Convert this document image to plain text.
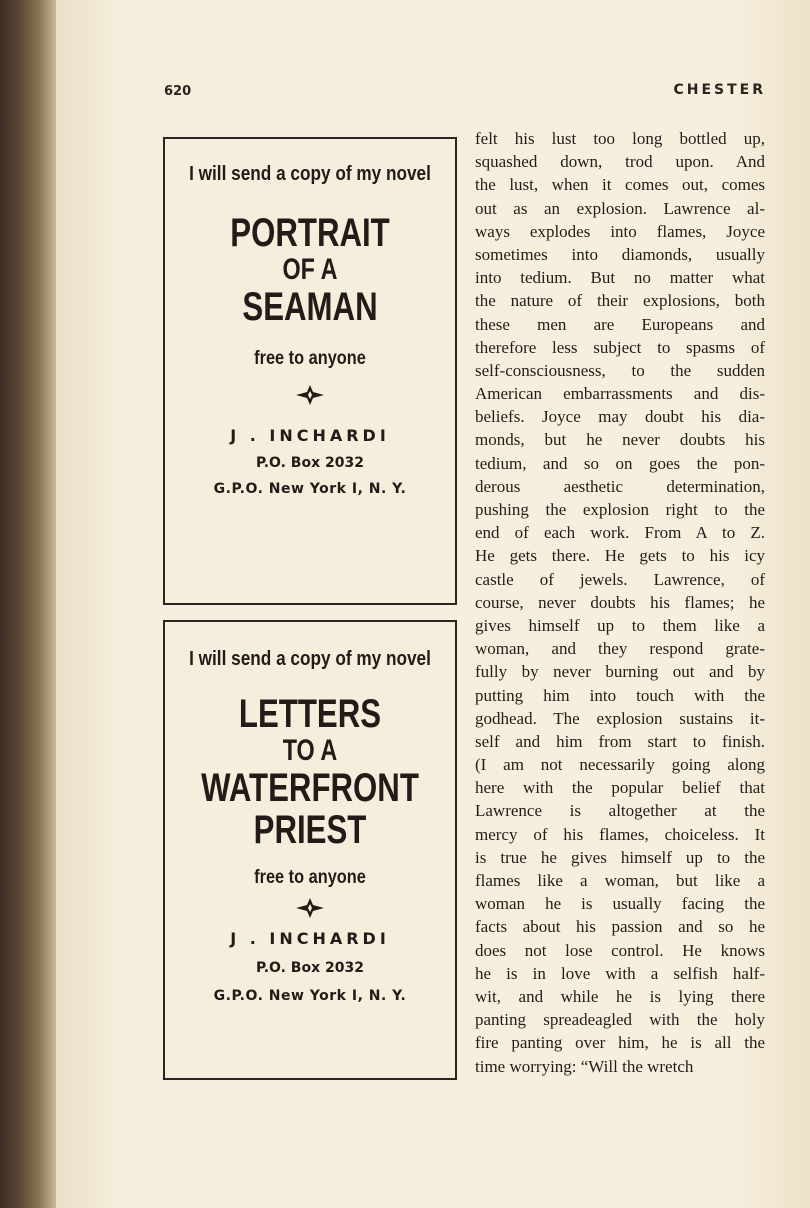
620	CHESTER
I will send a copy of my novel
PORTRAIT
OF A
SEAMAN
free to anyone
J . INCHARDI
P.O. Box 2032
G.P.O. New York I, N. Y.
I will send a copy of my novel
LETTERS
TO A
WATERFRONT
PRIEST
free to anyone
J . INCHARDI
P.O. Box 2032
G.P.O. New York I, N. Y.
felt his lust too long bottled up,
squashed down, trod upon. And
the lust, when it comes out, comes
out as an explosion. Lawrence al-
ways explodes into flames, Joyce
sometimes into diamonds, usually
into tedium. But no matter what
the nature of their explosions, both
these men are Europeans and
therefore less subject to spasms of
self-consciousness, to the sudden
American embarrassments and dis-
beliefs. Joyce may doubt his dia-
monds, but he never doubts his
tedium, and so on goes the pon-
derous aesthetic determination,
pushing the explosion right to the
end of each work. From A to Z.
He gets there. He gets to his icy
castle of jewels. Lawrence, of
course, never doubts his flames; he
gives himself up to them like a
woman, and they respond grate-
fully by never burning out and by
putting him into touch with the
godhead. The explosion sustains it-
self and him from start to finish.
(I am not necessarily going along
here with the popular belief that
Lawrence is altogether at the
mercy of his flames, choiceless. It
is true he gives himself up to the
flames like a woman, but like a
woman he is usually facing the
facts about his passion and so he
does not lose control. He knows
he is in love with a selfish half-
wit, and while he is lying there
panting spreadeagled with the holy
fire panting over him, he is all the
time worrying: “Will the wretch
